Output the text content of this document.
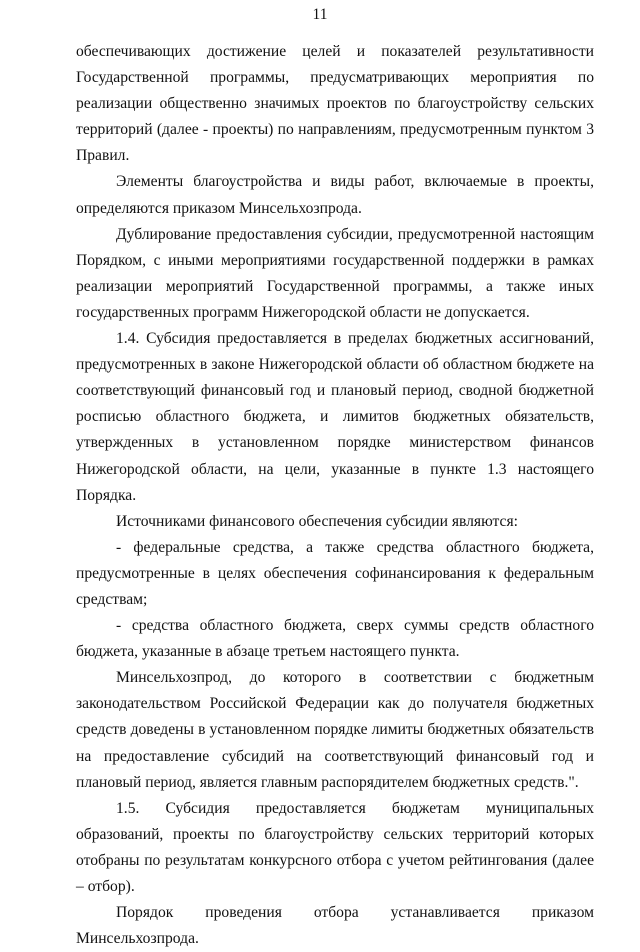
11

обеспечивающих достижение целей и показателей результативности Государственной программы, предусматривающих мероприятия по реализации общественно значимых проектов по благоустройству сельских территорий (далее - проекты) по направлениям, предусмотренным пунктом 3 Правил.

Элементы благоустройства и виды работ, включаемые в проекты, определяются приказом Минсельхозпрода.

Дублирование предоставления субсидии, предусмотренной настоящим Порядком, с иными мероприятиями государственной поддержки в рамках реализации мероприятий Государственной программы, а также иных государственных программ Нижегородской области не допускается.

1.4. Субсидия предоставляется в пределах бюджетных ассигнований, предусмотренных в законе Нижегородской области об областном бюджете на соответствующий финансовый год и плановый период, сводной бюджетной росписью областного бюджета, и лимитов бюджетных обязательств, утвержденных в установленном порядке министерством финансов Нижегородской области, на цели, указанные в пункте 1.3 настоящего Порядка.

Источниками финансового обеспечения субсидии являются:

- федеральные средства, а также средства областного бюджета, предусмотренные в целях обеспечения софинансирования к федеральным средствам;

- средства областного бюджета, сверх суммы средств областного бюджета, указанные в абзаце третьем настоящего пункта.

Минсельхозпрод, до которого в соответствии с бюджетным законодательством Российской Федерации как до получателя бюджетных средств доведены в установленном порядке лимиты бюджетных обязательств на предоставление субсидий на соответствующий финансовый год и плановый период, является главным распорядителем бюджетных средств.".

1.5. Субсидия предоставляется бюджетам муниципальных образований, проекты по благоустройству сельских территорий которых отобраны по результатам конкурсного отбора с учетом рейтингования (далее – отбор).

Порядок проведения отбора устанавливается приказом Минсельхозпрода.
